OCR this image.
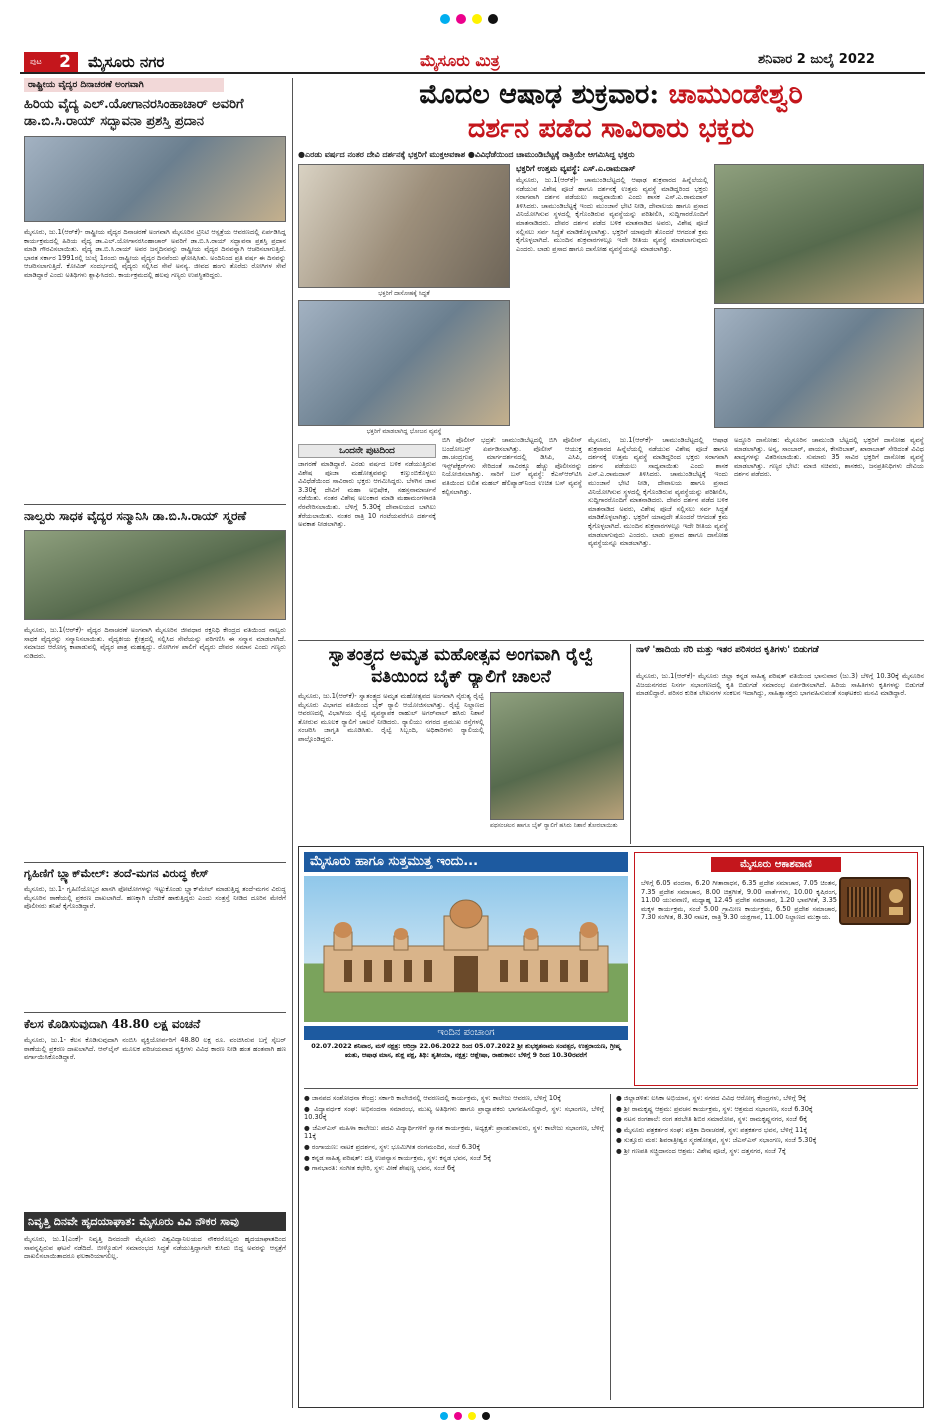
ಪುಟ	2	ಮೈಸೂರು ನಗರ	ಮೈಸೂರು ಮಿತ್ರ	ಶನಿವಾರ 2 ಜುಲೈ 2022
ರಾಷ್ಟ್ರೀಯ ವೈದ್ಯರ ದಿನಾಚರಣೆ ಅಂಗವಾಗಿ
ಹಿರಿಯ ವೈದ್ಯ ಎಲ್.ಯೋಗಾನರಸಿಂಹಾಚಾರ್ ಅವರಿಗೆ ಡಾ.ಬಿ.ಸಿ.ರಾಯ್ ಸದ್ಭಾವನಾ ಪ್ರಶಸ್ತಿ ಪ್ರದಾನ
ಮೈಸೂರು, ಜು.1(ಆರ್‌ಕೆ)- ರಾಷ್ಟ್ರೀಯ ವೈದ್ಯರ ದಿನಾಚರಣೆ ಅಂಗವಾಗಿ ಮೈಸೂರಿನ ಟ್ರಿನಿಟಿ ಆಸ್ಪತ್ರೆಯ ಆವರಣದಲ್ಲಿ ಏರ್ಪಡಿಸಿದ್ದ ಕಾರ್ಯಕ್ರಮದಲ್ಲಿ ಹಿರಿಯ ವೈದ್ಯ ಡಾ.ಎಲ್.ಯೋಗಾನರಸಿಂಹಾಚಾರ್ ಅವರಿಗೆ ಡಾ.ಬಿ.ಸಿ.ರಾಯ್ ಸದ್ಭಾವನಾ ಪ್ರಶಸ್ತಿ ಪ್ರದಾನ ಮಾಡಿ ಗೌರವಿಸಲಾಯಿತು. ವೈದ್ಯ ಡಾ.ಬಿ.ಸಿ.ರಾಯ್ ಅವರ ಜನ್ಮದಿನವನ್ನು ರಾಷ್ಟ್ರೀಯ ವೈದ್ಯರ ದಿನವನ್ನಾಗಿ ಆಚರಿಸಲಾಗುತ್ತಿದೆ. ಭಾರತ ಸರ್ಕಾರ 1991ರಲ್ಲಿ ಜುಲೈ 1ರಂದು ರಾಷ್ಟ್ರೀಯ ವೈದ್ಯರ ದಿನವೆಂದು ಘೋಷಿಸಿತು. ಅಂದಿನಿಂದ ಪ್ರತಿ ವರ್ಷ ಈ ದಿನವನ್ನು ಆಚರಿಸಲಾಗುತ್ತಿದೆ. ಕೋವಿಡ್ ಸಂದರ್ಭದಲ್ಲಿ ವೈದ್ಯರು ಸಲ್ಲಿಸಿದ ಸೇವೆ ಅನನ್ಯ. ಜೀವದ ಹಂಗು ತೊರೆದು ರೋಗಿಗಳ ಸೇವೆ ಮಾಡಿದ್ದಾರೆ ಎಂದು ಅತಿಥಿಗಳು ಶ್ಲಾಘಿಸಿದರು. ಕಾರ್ಯಕ್ರಮದಲ್ಲಿ ಹಲವು ಗಣ್ಯರು ಉಪಸ್ಥಿತರಿದ್ದರು.
ನಾಲ್ವರು ಸಾಧಕ ವೈದ್ಯರ ಸನ್ಮಾನಿಸಿ ಡಾ.ಬಿ.ಸಿ.ರಾಯ್ ಸ್ಮರಣೆ
ಮೈಸೂರು, ಜು.1(ಆರ್‌ಕೆ)- ವೈದ್ಯರ ದಿನಾಚರಣೆ ಅಂಗವಾಗಿ ಮೈಸೂರಿನ ಜೀವಧಾರ ರಕ್ತನಿಧಿ ಕೇಂದ್ರದ ವತಿಯಿಂದ ನಾಲ್ವರು ಸಾಧಕ ವೈದ್ಯರನ್ನು ಸನ್ಮಾನಿಸಲಾಯಿತು. ವೈದ್ಯಕೀಯ ಕ್ಷೇತ್ರದಲ್ಲಿ ಸಲ್ಲಿಸಿದ ಸೇವೆಯನ್ನು ಪರಿಗಣಿಸಿ ಈ ಸನ್ಮಾನ ಮಾಡಲಾಗಿದೆ. ಸಮಾಜದ ಆರೋಗ್ಯ ಕಾಪಾಡುವಲ್ಲಿ ವೈದ್ಯರ ಪಾತ್ರ ಮಹತ್ವದ್ದು. ರೋಗಿಗಳ ಪಾಲಿಗೆ ವೈದ್ಯರು ದೇವರ ಸಮಾನ ಎಂದು ಗಣ್ಯರು ನುಡಿದರು.
ಗೃಹಿಣಿಗೆ ಬ್ಲ್ಯಾಕ್‌ಮೇಲ್: ತಂದೆ-ಮಗನ ವಿರುದ್ಧ ಕೇಸ್
ಮೈಸೂರು, ಜು.1- ಗೃಹಿಣಿಯೊಬ್ಬರ ಖಾಸಗಿ ಫೋಟೋಗಳನ್ನು ಇಟ್ಟುಕೊಂಡು ಬ್ಲ್ಯಾಕ್‌ಮೇಲ್ ಮಾಡುತ್ತಿದ್ದ ತಂದೆ-ಮಗನ ವಿರುದ್ಧ ಮೈಸೂರಿನ ಠಾಣೆಯಲ್ಲಿ ಪ್ರಕರಣ ದಾಖಲಾಗಿದೆ. ಹಣಕ್ಕಾಗಿ ಬೆದರಿಕೆ ಹಾಕುತ್ತಿದ್ದರು ಎಂದು ಸಂತ್ರಸ್ತೆ ನೀಡಿದ ದೂರಿನ ಮೇರೆಗೆ ಪೊಲೀಸರು ತನಿಖೆ ಕೈಗೊಂಡಿದ್ದಾರೆ.
ಕೆಲಸ ಕೊಡಿಸುವುದಾಗಿ 48.80 ಲಕ್ಷ ವಂಚನೆ
ಮೈಸೂರು, ಜು.1- ಕೆಲಸ ಕೊಡಿಸುವುದಾಗಿ ನಂಬಿಸಿ ವ್ಯಕ್ತಿಯೋರ್ವರಿಗೆ 48.80 ಲಕ್ಷ ರೂ. ವಂಚಿಸಿರುವ ಬಗ್ಗೆ ಸೈಬರ್ ಠಾಣೆಯಲ್ಲಿ ಪ್ರಕರಣ ದಾಖಲಾಗಿದೆ. ಆನ್‌ಲೈನ್ ಮೂಲಕ ಪರಿಚಯವಾದ ವ್ಯಕ್ತಿಗಳು ವಿವಿಧ ಕಾರಣ ನೀಡಿ ಹಂತ ಹಂತವಾಗಿ ಹಣ ವರ್ಗಾಯಿಸಿಕೊಂಡಿದ್ದಾರೆ.
ನಿವೃತ್ತಿ ದಿನವೇ ಹೃದಯಾಘಾತ: ಮೈಸೂರು ವಿವಿ ನೌಕರ ಸಾವು
ಮೈಸೂರು, ಜು.1(ಎಂಕೆ)- ನಿವೃತ್ತಿ ದಿನದಂದೇ ಮೈಸೂರು ವಿಶ್ವವಿದ್ಯಾನಿಲಯದ ನೌಕರರೊಬ್ಬರು ಹೃದಯಾಘಾತದಿಂದ ಸಾವನ್ನಪ್ಪಿರುವ ಘಟನೆ ನಡೆದಿದೆ. ಬೀಳ್ಕೊಡುಗೆ ಸಮಾರಂಭದ ಸಿದ್ಧತೆ ನಡೆಯುತ್ತಿದ್ದಾಗಲೇ ಕುಸಿದು ಬಿದ್ದ ಅವರನ್ನು ಆಸ್ಪತ್ರೆಗೆ ದಾಖಲಿಸಲಾಯಿತಾದರೂ ಫಲಕಾರಿಯಾಗಲಿಲ್ಲ.
ಮೊದಲ ಆಷಾಢ ಶುಕ್ರವಾರ: ಚಾಮುಂಡೇಶ್ವರಿ
ದರ್ಶನ ಪಡೆದ ಸಾವಿರಾರು ಭಕ್ತರು
●ಎರಡು ವರ್ಷದ ನಂತರ ದೇವಿ ದರ್ಶನಕ್ಕೆ ಭಕ್ತರಿಗೆ ಮುಕ್ತಅವಕಾಶ ●ವಿವಿಧೆಡೆಯಿಂದ ಚಾಮುಂಡಿಬೆಟ್ಟಕ್ಕೆ ರಾತ್ರಿಯೇ ಆಗಮಿಸಿದ್ದ ಭಕ್ತರು
ಭಕ್ತರಿಗೆ ದಾಸೋಹಕ್ಕೆ ಸಿದ್ಧತೆ
ಭಕ್ತರಿಗೆ ಮಾಡಲಾಗಿದ್ದ ಭೋಜನ ವ್ಯವಸ್ಥೆ
ಭಕ್ತರಿಗೆ ಉತ್ತಮ ವ್ಯವಸ್ಥೆ: ಎಸ್.ಎ.ರಾಮದಾಸ್
ಮೈಸೂರು, ಜು.1(ಆರ್‌ಕೆ)- ಚಾಮುಂಡಿಬೆಟ್ಟದಲ್ಲಿ ಆಷಾಢ ಶುಕ್ರವಾರದ ಹಿನ್ನೆಲೆಯಲ್ಲಿ ನಡೆಯುವ ವಿಶೇಷ ಪೂಜೆ ಹಾಗೂ ದರ್ಶನಕ್ಕೆ ಉತ್ತಮ ವ್ಯವಸ್ಥೆ ಮಾಡಿದ್ದರಿಂದ ಭಕ್ತರು ಸರಾಗವಾಗಿ ದರ್ಶನ ಪಡೆಯಲು ಸಾಧ್ಯವಾಯಿತು ಎಂದು ಶಾಸಕ ಎಸ್.ಎ.ರಾಮದಾಸ್ ತಿಳಿಸಿದರು. ಚಾಮುಂಡಿಬೆಟ್ಟಕ್ಕೆ ಇಂದು ಮುಂಜಾನೆ ಭೇಟಿ ನೀಡಿ, ದೇವಾಲಯ ಹಾಗೂ ಪ್ರಸಾದ ವಿನಿಯೋಗಿಸುವ ಸ್ಥಳದಲ್ಲಿ ಕೈಗೊಂಡಿರುವ ವ್ಯವಸ್ಥೆಯನ್ನು ಪರಿಶೀಲಿಸಿ, ಸುದ್ದಿಗಾರರೊಂದಿಗೆ ಮಾತನಾಡಿದರು. ದೇವರ ದರ್ಶನ ಪಡೆದ ಬಳಿಕ ಮಾತನಾಡಿದ ಅವರು, ವಿಶೇಷ ಪೂಜೆ ಸಲ್ಲಿಸಲು ಸರ್ವ ಸಿದ್ಧತೆ ಮಾಡಿಕೊಳ್ಳಲಾಗಿತ್ತು. ಭಕ್ತರಿಗೆ ಯಾವುದೇ ತೊಂದರೆ ಆಗದಂತೆ ಕ್ರಮ ಕೈಗೊಳ್ಳಲಾಗಿದೆ. ಮುಂದಿನ ಶುಕ್ರವಾರಗಳಲ್ಲೂ ಇದೇ ರೀತಿಯ ವ್ಯವಸ್ಥೆ ಮಾಡಲಾಗುವುದು ಎಂದರು. ಲಾಡು ಪ್ರಸಾದ ಹಾಗೂ ದಾಸೋಹ ವ್ಯವಸ್ಥೆಯನ್ನೂ ಮಾಡಲಾಗಿತ್ತು.
ಒಂದನೇ ಪುಟದಿಂದ
ಜಾಗರಣೆ ಮಾಡಿದ್ದಾರೆ. ಎರಡು ವರ್ಷದ ಬಳಿಕ ನಡೆಯುತ್ತಿರುವ ವಿಶೇಷ ಪೂಜಾ ಮಹೋತ್ಸವವನ್ನು ಕಣ್ತುಂಬಿಕೊಳ್ಳಲು ವಿವಿಧೆಡೆಯಿಂದ ಸಾವಿರಾರು ಭಕ್ತರು ಆಗಮಿಸಿದ್ದರು. ಬೆಳಗಿನ ಜಾವ 3.30ಕ್ಕೆ ದೇವಿಗೆ ಮಹಾ ಅಭಿಷೇಕ, ಸಹಸ್ರನಾಮಾರ್ಚನೆ ನಡೆಯಿತು. ನಂತರ ವಿಶೇಷ ಅಲಂಕಾರ ಮಾಡಿ ಮಹಾಮಂಗಳಾರತಿ ನೆರವೇರಿಸಲಾಯಿತು. ಬೆಳಿಗ್ಗೆ 5.30ಕ್ಕೆ ದೇವಾಲಯದ ಬಾಗಿಲು ತೆರೆಯಲಾಯಿತು. ನಂತರ ರಾತ್ರಿ 10 ಗಂಟೆಯವರೆಗೂ ದರ್ಶನಕ್ಕೆ ಅವಕಾಶ ನೀಡಲಾಗಿತ್ತು.
ಬಿಗಿ ಪೊಲೀಸ್ ಭದ್ರತೆ: ಚಾಮುಂಡಿಬೆಟ್ಟದಲ್ಲಿ ಬಿಗಿ ಪೊಲೀಸ್ ಬಂದೋಬಸ್ತ್ ಏರ್ಪಡಿಸಲಾಗಿತ್ತು. ಪೊಲೀಸ್ ಆಯುಕ್ತ ಡಾ.ಚಂದ್ರಗುಪ್ತ ಮಾರ್ಗದರ್ಶನದಲ್ಲಿ ಡಿಸಿಪಿ, ಎಸಿಪಿ, ಇನ್ಸ್‌ಪೆಕ್ಟರ್‌ಗಳು ಸೇರಿದಂತೆ ಸಾವಿರಕ್ಕೂ ಹೆಚ್ಚು ಪೊಲೀಸರನ್ನು ನಿಯೋಜಿಸಲಾಗಿತ್ತು. ಸಾರಿಗೆ ಬಸ್ ವ್ಯವಸ್ಥೆ: ಕೆಎಸ್ಆರ್‌ಟಿಸಿ ವತಿಯಿಂದ ಲಲಿತ ಮಹಲ್ ಹೆಲಿಪ್ಯಾಡ್‌ನಿಂದ ಉಚಿತ ಬಸ್ ವ್ಯವಸ್ಥೆ ಕಲ್ಪಿಸಲಾಗಿತ್ತು.
ಮೈಸೂರು, ಜು.1(ಆರ್‌ಕೆ)- ಚಾಮುಂಡಿಬೆಟ್ಟದಲ್ಲಿ ಆಷಾಢ ಶುಕ್ರವಾರದ ಹಿನ್ನೆಲೆಯಲ್ಲಿ ನಡೆಯುವ ವಿಶೇಷ ಪೂಜೆ ಹಾಗೂ ದರ್ಶನಕ್ಕೆ ಉತ್ತಮ ವ್ಯವಸ್ಥೆ ಮಾಡಿದ್ದರಿಂದ ಭಕ್ತರು ಸರಾಗವಾಗಿ ದರ್ಶನ ಪಡೆಯಲು ಸಾಧ್ಯವಾಯಿತು ಎಂದು ಶಾಸಕ ಎಸ್.ಎ.ರಾಮದಾಸ್ ತಿಳಿಸಿದರು. ಚಾಮುಂಡಿಬೆಟ್ಟಕ್ಕೆ ಇಂದು ಮುಂಜಾನೆ ಭೇಟಿ ನೀಡಿ, ದೇವಾಲಯ ಹಾಗೂ ಪ್ರಸಾದ ವಿನಿಯೋಗಿಸುವ ಸ್ಥಳದಲ್ಲಿ ಕೈಗೊಂಡಿರುವ ವ್ಯವಸ್ಥೆಯನ್ನು ಪರಿಶೀಲಿಸಿ, ಸುದ್ದಿಗಾರರೊಂದಿಗೆ ಮಾತನಾಡಿದರು. ದೇವರ ದರ್ಶನ ಪಡೆದ ಬಳಿಕ ಮಾತನಾಡಿದ ಅವರು, ವಿಶೇಷ ಪೂಜೆ ಸಲ್ಲಿಸಲು ಸರ್ವ ಸಿದ್ಧತೆ ಮಾಡಿಕೊಳ್ಳಲಾಗಿತ್ತು. ಭಕ್ತರಿಗೆ ಯಾವುದೇ ತೊಂದರೆ ಆಗದಂತೆ ಕ್ರಮ ಕೈಗೊಳ್ಳಲಾಗಿದೆ. ಮುಂದಿನ ಶುಕ್ರವಾರಗಳಲ್ಲೂ ಇದೇ ರೀತಿಯ ವ್ಯವಸ್ಥೆ ಮಾಡಲಾಗುವುದು ಎಂದರು. ಲಾಡು ಪ್ರಸಾದ ಹಾಗೂ ದಾಸೋಹ ವ್ಯವಸ್ಥೆಯನ್ನೂ ಮಾಡಲಾಗಿತ್ತು.
ಅದ್ಧೂರಿ ದಾಸೋಹ: ಮೈಸೂರಿನ ಚಾಮುಂಡಿ ಬೆಟ್ಟದಲ್ಲಿ ಭಕ್ತರಿಗೆ ದಾಸೋಹ ವ್ಯವಸ್ಥೆ ಮಾಡಲಾಗಿತ್ತು. ಅನ್ನ, ಸಾಂಬಾರ್, ಪಾಯಸ, ಕೇಸರಿಬಾತ್, ಖಾರಾಬಾತ್ ಸೇರಿದಂತೆ ವಿವಿಧ ಖಾದ್ಯಗಳನ್ನು ವಿತರಿಸಲಾಯಿತು. ಸುಮಾರು 35 ಸಾವಿರ ಭಕ್ತರಿಗೆ ದಾಸೋಹ ವ್ಯವಸ್ಥೆ ಮಾಡಲಾಗಿತ್ತು. ಗಣ್ಯರ ಭೇಟಿ: ಮಾಜಿ ಸಚಿವರು, ಶಾಸಕರು, ಜನಪ್ರತಿನಿಧಿಗಳು ದೇವಿಯ ದರ್ಶನ ಪಡೆದರು.
ಸ್ವಾತಂತ್ರ್ಯದ ಅಮೃತ ಮಹೋತ್ಸವ ಅಂಗವಾಗಿ ರೈಲ್ವೆ ವತಿಯಿಂದ ಬೈಕ್ ರ‍್ಯಾಲಿಗೆ ಚಾಲನೆ
ಮೈಸೂರು, ಜು.1(ಆರ್‌ಕೆ)- ಸ್ವಾತಂತ್ರ್ಯದ ಅಮೃತ ಮಹೋತ್ಸವದ ಅಂಗವಾಗಿ ನೈರುತ್ಯ ರೈಲ್ವೆ ಮೈಸೂರು ವಿಭಾಗದ ವತಿಯಿಂದ ಬೈಕ್ ರ‍್ಯಾಲಿ ಆಯೋಜಿಸಲಾಗಿತ್ತು. ರೈಲ್ವೆ ನಿಲ್ದಾಣದ ಆವರಣದಲ್ಲಿ ವಿಭಾಗೀಯ ರೈಲ್ವೆ ವ್ಯವಸ್ಥಾಪಕ ರಾಹುಲ್ ಅಗರ್‌ವಾಲ್ ಹಸಿರು ನಿಶಾನೆ ತೋರುವ ಮೂಲಕ ರ‍್ಯಾಲಿಗೆ ಚಾಲನೆ ನೀಡಿದರು. ರ‍್ಯಾಲಿಯು ನಗರದ ಪ್ರಮುಖ ರಸ್ತೆಗಳಲ್ಲಿ ಸಂಚರಿಸಿ ಜಾಗೃತಿ ಮೂಡಿಸಿತು. ರೈಲ್ವೆ ಸಿಬ್ಬಂದಿ, ಅಧಿಕಾರಿಗಳು ರ‍್ಯಾಲಿಯಲ್ಲಿ ಪಾಲ್ಗೊಂಡಿದ್ದರು.
ಪಥಸಂಚಲನ ಹಾಗೂ ಬೈಕ್ ರ‍್ಯಾಲಿಗೆ ಹಸಿರು ನಿಶಾನೆ ತೋರಲಾಯಿತು
ನಾಳೆ 'ಹಾದಿಯ ನೆರಿ ಮತ್ತು ಇತರ ಪರಿಸರದ ಕೃತಿಗಳು' ಬಿಡುಗಡೆ
ಮೈಸೂರು, ಜು.1(ಆರ್‌ಕೆ)- ಮೈಸೂರು ಜಿಲ್ಲಾ ಕನ್ನಡ ಸಾಹಿತ್ಯ ಪರಿಷತ್ ವತಿಯಿಂದ ಭಾನುವಾರ (ಜು.3) ಬೆಳಿಗ್ಗೆ 10.30ಕ್ಕೆ ಮೈಸೂರಿನ ವಿಜಯನಗರದ ನಿಸರ್ಗ ಸಭಾಂಗಣದಲ್ಲಿ ಕೃತಿ ಬಿಡುಗಡೆ ಸಮಾರಂಭ ಏರ್ಪಡಿಸಲಾಗಿದೆ. ಹಿರಿಯ ಸಾಹಿತಿಗಳು ಕೃತಿಗಳನ್ನು ಬಿಡುಗಡೆ ಮಾಡಲಿದ್ದಾರೆ. ಪರಿಸರ ಕುರಿತ ಲೇಖನಗಳ ಸಂಕಲನ ಇದಾಗಿದ್ದು, ಸಾಹಿತ್ಯಾಸಕ್ತರು ಭಾಗವಹಿಸುವಂತೆ ಸಂಘಟಕರು ಮನವಿ ಮಾಡಿದ್ದಾರೆ.
ಮೈಸೂರು ಹಾಗೂ ಸುತ್ತಮುತ್ತ ಇಂದು...
ಇಂದಿನ ಪಂಚಾಂಗ
02.07.2022 ಶನಿವಾರ, ಮಳೆ ನಕ್ಷತ್ರ: ಆರಿದ್ರಾ 22.06.2022 ರಿಂದ 05.07.2022 ಶ್ರೀ ಶುಭಕೃತನಾಮ ಸಂವತ್ಸರ, ಉತ್ತರಾಯಣ, ಗ್ರೀಷ್ಮ ಋತು, ಆಷಾಢ ಮಾಸ, ಶುಕ್ಲ ಪಕ್ಷ, ತಿಥಿ: ತೃತೀಯಾ, ನಕ್ಷತ್ರ: ಆಶ್ಲೇಷಾ, ರಾಹುಕಾಲ: ಬೆಳಿಗ್ಗೆ 9 ರಿಂದ 10.30ರವರೆಗೆ
ಮೈಸೂರು ಆಕಾಶವಾಣಿ
ಬೆಳಿಗ್ಗೆ 6.05 ವಂದನಾ, 6.20 ಗೀತಾರಾಧನ, 6.35 ಪ್ರದೇಶ ಸಮಾಚಾರ, 7.05 ಚಿಂತನ, 7.35 ಪ್ರದೇಶ ಸಮಾಚಾರ, 8.00 ಚಿತ್ರಗೀತೆ, 9.00 ವಾರ್ತೆಗಳು, 10.00 ಕೃಷಿರಂಗ, 11.00 ಯುವವಾಣಿ, ಮಧ್ಯಾಹ್ನ 12.45 ಪ್ರದೇಶ ಸಮಾಚಾರ, 1.20 ಭಾವಗೀತೆ, 3.35 ಮಕ್ಕಳ ಕಾರ್ಯಕ್ರಮ, ಸಂಜೆ 5.00 ಗ್ರಾಮೀಣ ಕಾರ್ಯಕ್ರಮ, 6.50 ಪ್ರದೇಶ ಸಮಾಚಾರ, 7.30 ಸಂಗೀತ, 8.30 ನಾಟಕ, ರಾತ್ರಿ 9.30 ಯಕ್ಷಗಾನ, 11.00 ನಿಲ್ದಾಣದ ಮುಕ್ತಾಯ.

● ಜಾನಪದ ಸಂಶೋಧನಾ ಕೇಂದ್ರ: ಸರ್ಕಾರಿ ಕಾಲೇಜಿನಲ್ಲಿ ಆವರಣದಲ್ಲಿ ಕಾರ್ಯಕ್ರಮ, ಸ್ಥಳ: ಕಾಲೇಜು ಆವರಣ, ಬೆಳಿಗ್ಗೆ 10ಕ್ಕೆ

● ವಿದ್ಯಾವರ್ಧಕ ಸಂಘ: ಅಭಿನಂದನಾ ಸಮಾರಂಭ, ಮುಖ್ಯ ಅತಿಥಿಗಳು ಹಾಗೂ ಪ್ರಾಧ್ಯಾಪಕರು ಭಾಗವಹಿಸಲಿದ್ದಾರೆ, ಸ್ಥಳ: ಸಭಾಂಗಣ, ಬೆಳಿಗ್ಗೆ 10.30ಕ್ಕೆ

● ಜೆಎಸ್‌ಎಸ್ ಮಹಿಳಾ ಕಾಲೇಜು: ಪದವಿ ವಿದ್ಯಾರ್ಥಿಗಳಿಗೆ ಸ್ವಾಗತ ಕಾರ್ಯಕ್ರಮ, ಅಧ್ಯಕ್ಷತೆ: ಪ್ರಾಂಶುಪಾಲರು, ಸ್ಥಳ: ಕಾಲೇಜು ಸಭಾಂಗಣ, ಬೆಳಿಗ್ಗೆ 11ಕ್ಕೆ

● ರಂಗಾಯಣ: ನಾಟಕ ಪ್ರದರ್ಶನ, ಸ್ಥಳ: ಭೂಮಿಗೀತ ರಂಗಮಂದಿರ, ಸಂಜೆ 6.30ಕ್ಕೆ

● ಕನ್ನಡ ಸಾಹಿತ್ಯ ಪರಿಷತ್: ದತ್ತಿ ಉಪನ್ಯಾಸ ಕಾರ್ಯಕ್ರಮ, ಸ್ಥಳ: ಕನ್ನಡ ಭವನ, ಸಂಜೆ 5ಕ್ಕೆ

● ಗಾನಭಾರತಿ: ಸಂಗೀತ ಕಛೇರಿ, ಸ್ಥಳ: ವೀಣೆ ಶೇಷಣ್ಣ ಭವನ, ಸಂಜೆ 6ಕ್ಕೆ

● ಜಿಲ್ಲಾಡಳಿತ: ಲಸಿಕಾ ಅಭಿಯಾನ, ಸ್ಥಳ: ನಗರದ ವಿವಿಧ ಆರೋಗ್ಯ ಕೇಂದ್ರಗಳು, ಬೆಳಿಗ್ಗೆ 9ಕ್ಕೆ

● ಶ್ರೀ ರಾಮಕೃಷ್ಣ ಆಶ್ರಮ: ಪ್ರವಚನ ಕಾರ್ಯಕ್ರಮ, ಸ್ಥಳ: ಆಶ್ರಮದ ಸಭಾಂಗಣ, ಸಂಜೆ 6.30ಕ್ಕೆ

● ನಟನ ರಂಗಶಾಲೆ: ರಂಗ ತರಬೇತಿ ಶಿಬಿರ ಸಮಾರೋಪ, ಸ್ಥಳ: ರಾಮಕೃಷ್ಣನಗರ, ಸಂಜೆ 6ಕ್ಕೆ

● ಮೈಸೂರು ಪತ್ರಕರ್ತರ ಸಂಘ: ಪತ್ರಿಕಾ ದಿನಾಚರಣೆ, ಸ್ಥಳ: ಪತ್ರಕರ್ತರ ಭವನ, ಬೆಳಿಗ್ಗೆ 11ಕ್ಕೆ

● ಸುತ್ತೂರು ಮಠ: ಶಿವರಾತ್ರೀಶ್ವರ ಸ್ಮರಣೋತ್ಸವ, ಸ್ಥಳ: ಜೆಎಸ್‌ಎಸ್ ಸಭಾಂಗಣ, ಸಂಜೆ 5.30ಕ್ಕೆ

● ಶ್ರೀ ಗಣಪತಿ ಸಚ್ಚಿದಾನಂದ ಆಶ್ರಮ: ವಿಶೇಷ ಪೂಜೆ, ಸ್ಥಳ: ದತ್ತನಗರ, ಸಂಜೆ 7ಕ್ಕೆ
